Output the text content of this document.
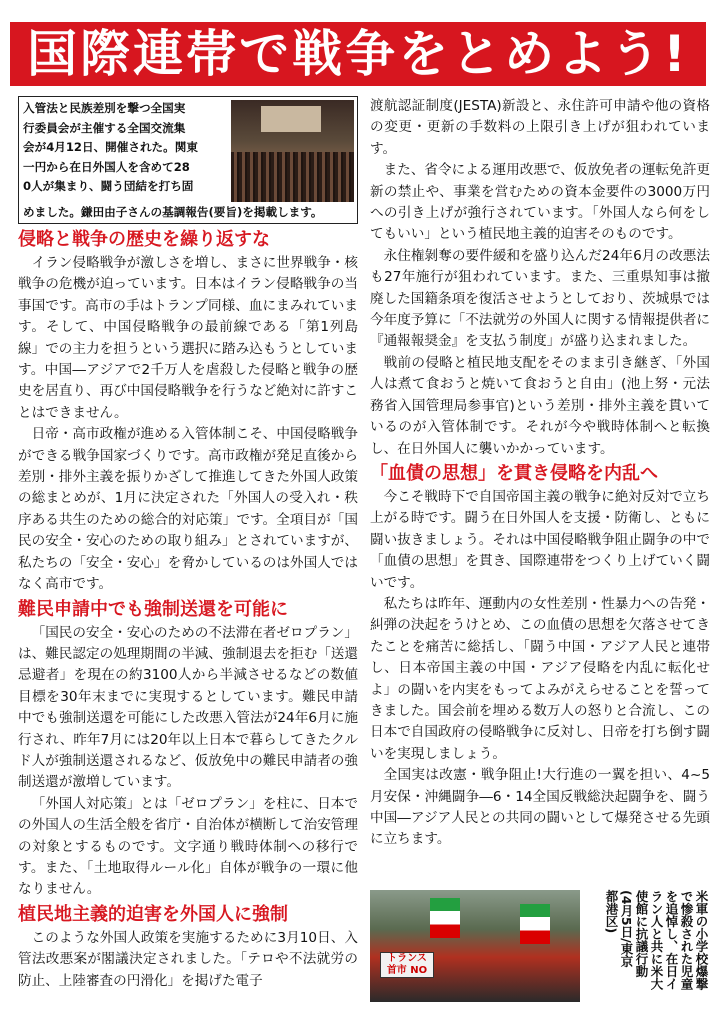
国際連帯で戦争をとめよう!
入管法と民族差別を撃つ全国実
行委員会が主催する全国交流集
会が4月12日、開催された。関東
一円から在日外国人を含めて28
0人が集まり、闘う団結を打ち固
めました。鎌田由子さんの基調報告(要旨)を掲載します。
侵略と戦争の歴史を繰り返すな

イラン侵略戦争が激しさを増し、まさに世界戦争・核戦争の危機が迫っています。日本はイラン侵略戦争の当事国です。高市の手はトランプ同様、血にまみれています。そして、中国侵略戦争の最前線である「第1列島線」での主力を担うという選択に踏み込もうとしています。中国―アジアで2千万人を虐殺した侵略と戦争の歴史を居直り、再び中国侵略戦争を行うなど絶対に許すことはできません。

日帝・高市政権が進める入管体制こそ、中国侵略戦争ができる戦争国家づくりです。高市政権が発足直後から差別・排外主義を振りかざして推進してきた外国人政策の総まとめが、1月に決定された「外国人の受入れ・秩序ある共生のための総合的対応策」です。全項目が「国民の安全・安心のための取り組み」とされていますが、私たちの「安全・安心」を脅かしているのは外国人ではなく高市です。

難民申請中でも強制送還を可能に

「国民の安全・安心のための不法滞在者ゼロプラン」は、難民認定の処理期間の半減、強制退去を拒む「送還忌避者」を現在の約3100人から半減させるなどの数値目標を30年末までに実現するとしています。難民申請中でも強制送還を可能にした改悪入管法が24年6月に施行され、昨年7月には20年以上日本で暮らしてきたクルド人が強制送還されるなど、仮放免中の難民申請者の強制送還が激増しています。

「外国人対応策」とは「ゼロプラン」を柱に、日本での外国人の生活全般を省庁・自治体が横断して治安管理の対象とするものです。文字通り戦時体制への移行です。また、「土地取得ルール化」自体が戦争の一環に他なりません。

植民地主義的迫害を外国人に強制

このような外国人政策を実施するために3月10日、入管法改悪案が閣議決定されました。「テロや不法就労の防止、上陸審査の円滑化」を掲げた電子

渡航認証制度(JESTA)新設と、永住許可申請や他の資格の変更・更新の手数料の上限引き上げが狙われています。

また、省令による運用改悪で、仮放免者の運転免許更新の禁止や、事業を営むための資本金要件の3000万円への引き上げが強行されています。「外国人なら何をしてもいい」という植民地主義的迫害そのものです。

永住権剝奪の要件緩和を盛り込んだ24年6月の改悪法も27年施行が狙われています。また、三重県知事は撤廃した国籍条項を復活させようとしており、茨城県では今年度予算に「不法就労の外国人に関する情報提供者に『通報報奨金』を支払う制度」が盛り込まれました。

戦前の侵略と植民地支配をそのまま引き継ぎ、「外国人は煮て食おうと焼いて食おうと自由」(池上努・元法務省入国管理局参事官)という差別・排外主義を貫いているのが入管体制です。それが今や戦時体制へと転換し、在日外国人に襲いかかっています。

「血債の思想」を貫き侵略を内乱へ

今こそ戦時下で自国帝国主義の戦争に絶対反対で立ち上がる時です。闘う在日外国人を支援・防衛し、ともに闘い抜きましょう。それは中国侵略戦争阻止闘争の中で「血債の思想」を貫き、国際連帯をつくり上げていく闘いです。

私たちは昨年、運動内の女性差別・性暴力への告発・糾弾の決起をうけとめ、この血債の思想を欠落させてきたことを痛苦に総括し、「闘う中国・アジア人民と連帯し、日本帝国主義の中国・アジア侵略を内乱に転化せよ」の闘いを内実をもってよみがえらせることを誓ってきました。国会前を埋める数万人の怒りと合流し、この日本で自国政府の侵略戦争に反対し、日帝を打ち倒す闘いを実現しましょう。

全国実は改憲・戦争阻止!大行進の一翼を担い、4~5月安保・沖縄闘争―6・14全国反戦総決起闘争を、闘う中国―アジア人民との共同の闘いとして爆発させる先頭に立ちます。

トランス 首市 NO	米軍の小学校爆撃
で惨殺された児童
を追悼し、在日イ
ラン人と共に米大
使館に抗議行動
(4月5日/東京
都港区)
